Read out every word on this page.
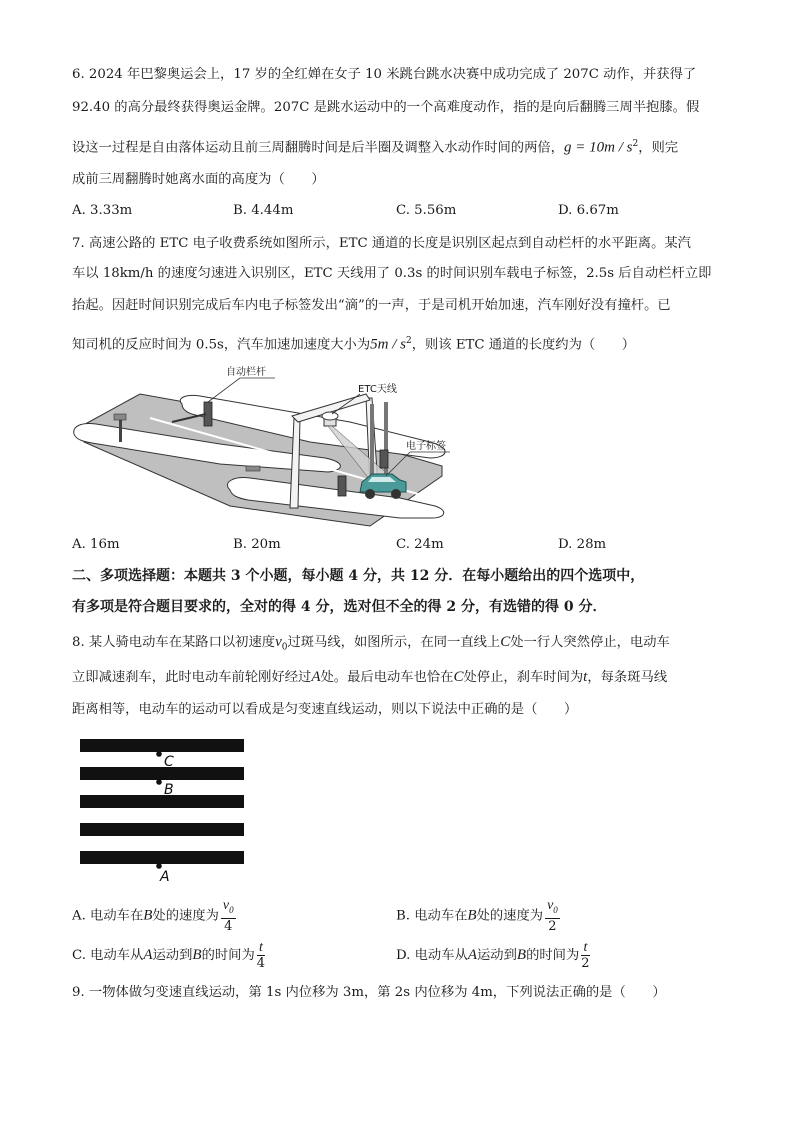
6. 2024 年巴黎奥运会上，17 岁的全红婵在女子 10 米跳台跳水决赛中成功完成了 207C 动作，并获得了
92.40 的高分最终获得奥运金牌。207C 是跳水运动中的一个高难度动作，指的是向后翻腾三周半抱膝。假
设这一过程是自由落体运动且前三周翻腾时间是后半圈及调整入水动作时间的两倍，$g = 10m / s^2$，则完
成前三周翻腾时她离水面的高度为（　　）
A. 3.33m	B. 4.44m	C. 5.56m	D. 6.67m
7. 高速公路的 ETC 电子收费系统如图所示，ETC 通道的长度是识别区起点到自动栏杆的水平距离。某汽
车以 18km/h 的速度匀速进入识别区，ETC 天线用了 0.3s 的时间识别车载电子标签，2.5s 后自动栏杆立即
抬起。因赶时间识别完成后车内电子标签发出“滴”的一声，于是司机开始加速，汽车刚好没有撞杆。已
知司机的反应时间为 0.5s，汽车加速加速度大小为$5m / s^2$，则该 ETC 通道的长度约为（　　）
自动栏杆
ETC天线
电子标签
A. 16m	B. 20m	C. 24m	D. 28m
二、多项选择题：本题共 3 个小题，每小题 4 分，共 12 分．在每小题给出的四个选项中，
有多项是符合题目要求的，全对的得 4 分，选对但不全的得 2 分，有选错的得 0 分．
8. 某人骑电动车在某路口以初速度$v_0$过斑马线，如图所示，在同一直线上C处一行人突然停止，电动车
立即减速刹车，此时电动车前轮刚好经过A处。最后电动车也恰在C处停止，刹车时间为t，每条斑马线
距离相等，电动车的运动可以看成是匀变速直线运动，则以下说法中正确的是（　　）
C
B
A
A. 电动车在B处的速度为 $\frac{v_0}{4}$	B. 电动车在B处的速度为 $\frac{v_0}{2}$
C. 电动车从A运动到B的时间为 $\frac{t}{4}$	D. 电动车从A运动到B的时间为 $\frac{t}{2}$
9. 一物体做匀变速直线运动，第 1s 内位移为 3m，第 2s 内位移为 4m，下列说法正确的是（　　）
